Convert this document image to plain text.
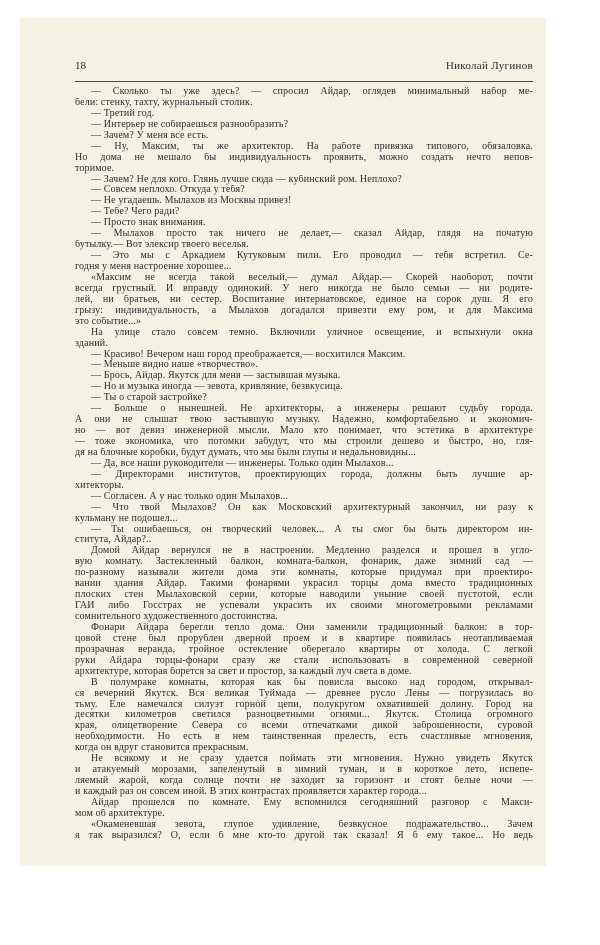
18	Николай Лугинов
— Сколько ты уже здесь? — спросил Айдар, оглядев минимальный набор ме-
бели: стенку, тахту, журнальный столик.
— Третий год.
— Интерьер не собираешься разнообразить?
— Зачем? У меня все есть.
— Ну, Максим, ты же архитектор. На работе привязка типового, обязаловка.
Но дома не мешало бы индивидуальность проявить, можно создать нечто непов-
торимое.
— Зачем? Не для кого. Глянь лучше сюда — кубинский ром. Неплохо?
— Совсем неплохо. Откуда у тебя?
— Не угадаешь. Мылахов из Москвы привез!
— Тебе? Чего ради?
— Просто знак внимания.
— Мылахов просто так ничего не делает,— сказал Айдар, глядя на початую
бутылку.— Вот элексир твоего веселья.
— Это мы с Аркадием Кутуковым пили. Его проводил — тебя встретил. Се-
годня у меня настроение хорошее...
«Максим не всегда такой веселый,— думал Айдар.— Скорей наоборот, почти
всегда грустный. И вправду одинокий. У него никогда не было семьи — ни родите-
лей, ни братьев, ни сестер. Воспитание интернатовское, единое на сорок душ. Я его
грызу: индивидуальность, а Мылахов догадался привезти ему ром, и для Максима
это событие...»
На улице стало совсем темно. Включили уличное освещение, и вспыхнули окна
зданий.
— Красиво! Вечером наш город преображается,— восхитился Максим.
— Меньше видно наше «творчество».
— Брось, Айдар. Якутск для меня — застывшая музыка.
— Но и музыка иногда — зевота, кривляние, безвкусица.
— Ты о старой застройке?
— Больше о нынешней. Не архитекторы, а инженеры решают судьбу города.
А они не слышат твою застывшую музыку. Надежно, комфортабельно и экономич-
но — вот девиз инженерной мысли. Мало кто понимает, что эстетика в архитектуре
— тоже экономика, что потомки забудут, что мы строили дешево и быстро, но, гля-
дя на блочные коробки, будут думать, что мы были глупы и недальновидны...
— Да, все наши руководители — инженеры. Только один Мылахов...
— Директорами институтов, проектирующих города, должны быть лучшие ар-
хитекторы.
— Согласен. А у нас только один Мылахов...
— Что твой Мылахов? Он как Московский архитектурный закончил, ни разу к
кульману не подошел...
— Ты ошибаешься, он творческий человек... А ты смог бы быть директором ин-
ститута, Айдар?..
Домой Айдар вернулся не в настроении. Медленно разделся и прошел в угло-
вую комнату. Застекленный балкон, комната-балкон, фонарик, даже зимний сад —
по-разному называли жители дома эти комнаты, которые придумал при проектиро-
вании здания Айдар. Такими фонарями украсил торцы дома вместо традиционных
плоских стен Мылаховской серии, которые наводили уныние своей пустотой, если
ГАИ либо Госстрах не успевали украсить их своими многометровыми рекламами
сомнительного художественного достоинства.
Фонари Айдара берегли тепло дома. Они заменили традиционный балкон: в тор-
цовой стене был прорублен дверной проем и в квартире появилась неотапливаемая
прозрачная веранда, тройное остекление оберегало квартиры от холода. С легкой
руки Айдара торцы-фонари сразу же стали использовать в современной северной
архитектуре, которая борется за свет и простор, за каждый луч света в доме.
В полумраке комнаты, которая как бы повисла высоко над городом, открывал-
ся вечерний Якутск. Вся великая Туймада — древнее русло Лены — погрузилась во
тьму. Еле намечался силуэт горной цепи, полукругом охватившей долину. Город на
десятки километров светился разноцветными огнями... Якутск. Столица огромного
края, олицетворение Севера со всеми отпечатками дикой заброшенности, суровой
необходимости. Но есть в нем таинственная прелесть, есть счастливые мгновения,
когда он вдруг становится прекрасным.
Не всякому и не сразу удается поймать эти мгновения. Нужно увидеть Якутск
и атакуемый морозами, запеленутый в зимний туман, и в короткое лето, испепе-
ляемый жарой, когда солнце почти не заходит за горизонт и стоят белые ночи —
и каждый раз он совсем иной. В этих контрастах проявляется характер города...
Айдар прошелся по комнате. Ему вспомнился сегодняшний разговор с Макси-
мом об архитектуре.
«Окаменевшая зевота, глупое удивление, безвкусное подражательство... Зачем
я так выразился? О, если б мне кто-то другой так сказал! Я б ему такое... Но ведь
